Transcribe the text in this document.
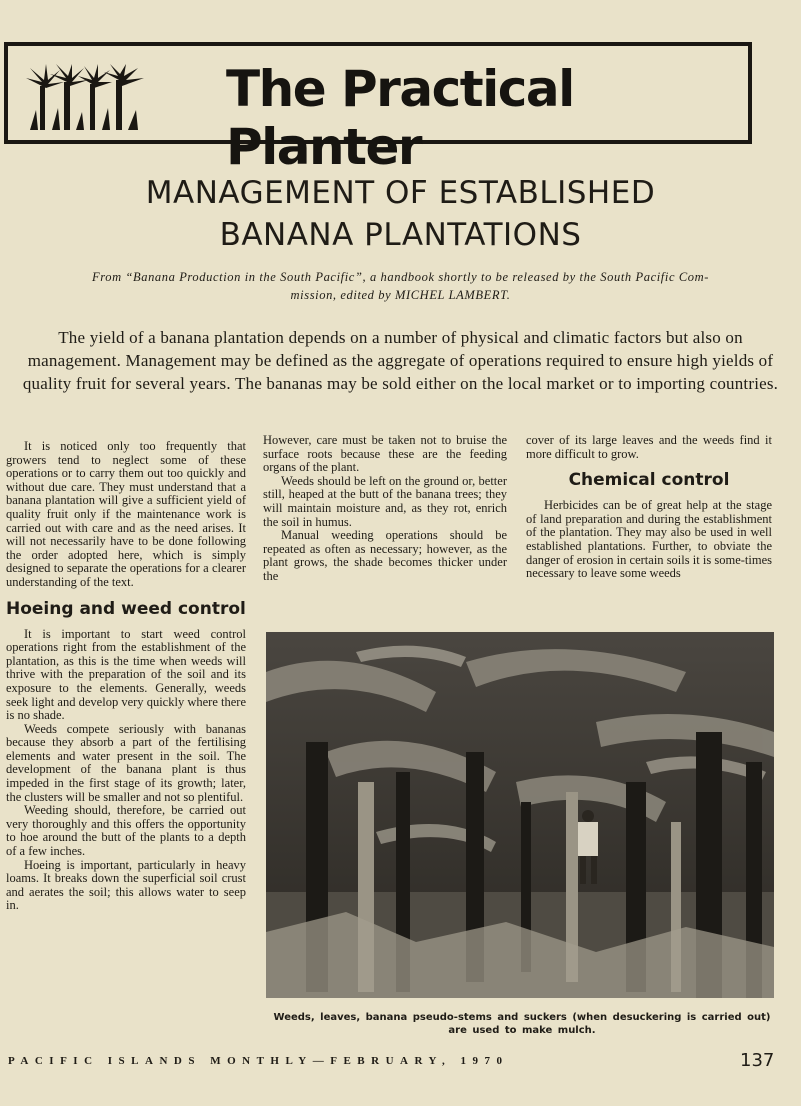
The Practical Planter
MANAGEMENT OF ESTABLISHED
BANANA PLANTATIONS
From “Banana Production in the South Pacific”, a handbook shortly to be released by the South Pacific Com-
mission, edited by MICHEL LAMBERT.
The yield of a banana plantation depends on a number of physical and climatic factors but also on management. Management may be defined as the aggregate of operations required to ensure high yields of quality fruit for several years. The bananas may be sold either on the local market or to importing countries.

It is noticed only too frequently that growers tend to neglect some of these operations or to carry them out too quickly and without due care. They must understand that a banana plantation will give a sufficient yield of quality fruit only if the maintenance work is carried out with care and as the need arises. It will not necessarily have to be done following the order adopted here, which is simply designed to separate the operations for a clearer understanding of the text.

Hoeing and weed control

It is important to start weed control operations right from the establishment of the plantation, as this is the time when weeds will thrive with the preparation of the soil and its exposure to the elements. Generally, weeds seek light and develop very quickly where there is no shade.

Weeds compete seriously with bananas because they absorb a part of the fertilising elements and water present in the soil. The development of the banana plant is thus impeded in the first stage of its growth; later, the clusters will be smaller and not so plentiful.

Weeding should, therefore, be carried out very thoroughly and this offers the opportunity to hoe around the butt of the plants to a depth of a few inches.

Hoeing is important, particularly in heavy loams. It breaks down the superficial soil crust and aerates the soil; this allows water to seep in.

However, care must be taken not to bruise the surface roots because these are the feeding organs of the plant.

Weeds should be left on the ground or, better still, heaped at the butt of the banana trees; they will maintain moisture and, as they rot, enrich the soil in humus.

Manual weeding operations should be repeated as often as necessary; however, as the plant grows, the shade becomes thicker under the

cover of its large leaves and the weeds find it more difficult to grow.

Chemical control

Herbicides can be of great help at the stage of land preparation and during the establishment of the plantation. They may also be used in well established plantations. Further, to obviate the danger of erosion in certain soils it is some-times necessary to leave some weeds

Weeds, leaves, banana pseudo-stems and suckers (when desuckering is carried out) are used to make mulch.
PACIFIC ISLANDS MONTHLY—FEBRUARY, 1970	137
